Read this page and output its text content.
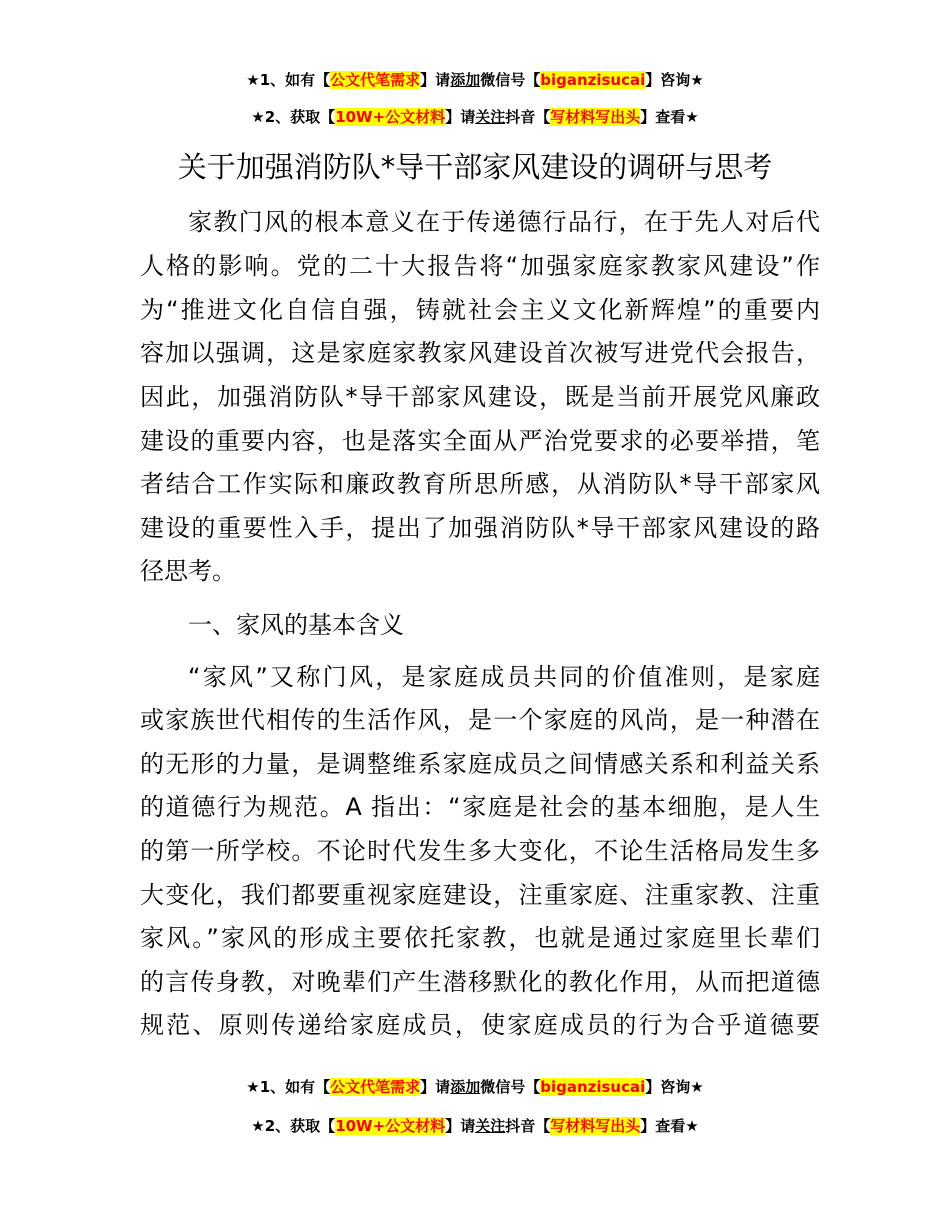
★1、如有【公文代笔需求】请添加微信号【biganzisucai】咨询★
★2、获取【10W+公文材料】请关注抖音【写材料写出头】查看★
关于加强消防队*导干部家风建设的调研与思考
家教门风的根本意义在于传递德行品行，在于先人对后代
人格的影响。党的二十大报告将“加强家庭家教家风建设”作
为“推进文化自信自强，铸就社会主义文化新辉煌”的重要内
容加以强调，这是家庭家教家风建设首次被写进党代会报告，
因此，加强消防队*导干部家风建设，既是当前开展党风廉政
建设的重要内容，也是落实全面从严治党要求的必要举措，笔
者结合工作实际和廉政教育所思所感，从消防队*导干部家风
建设的重要性入手，提出了加强消防队*导干部家风建设的路
径思考。
一、家风的基本含义
“家风”又称门风，是家庭成员共同的价值准则，是家庭
或家族世代相传的生活作风，是一个家庭的风尚，是一种潜在
的无形的力量，是调整维系家庭成员之间情感关系和利益关系
的道德行为规范。A 指出：“家庭是社会的基本细胞，是人生
的第一所学校。不论时代发生多大变化，不论生活格局发生多
大变化，我们都要重视家庭建设，注重家庭、注重家教、注重
家风。”家风的形成主要依托家教，也就是通过家庭里长辈们
的言传身教，对晚辈们产生潜移默化的教化作用，从而把道德
规范、原则传递给家庭成员，使家庭成员的行为合乎道德要
★1、如有【公文代笔需求】请添加微信号【biganzisucai】咨询★
★2、获取【10W+公文材料】请关注抖音【写材料写出头】查看★
